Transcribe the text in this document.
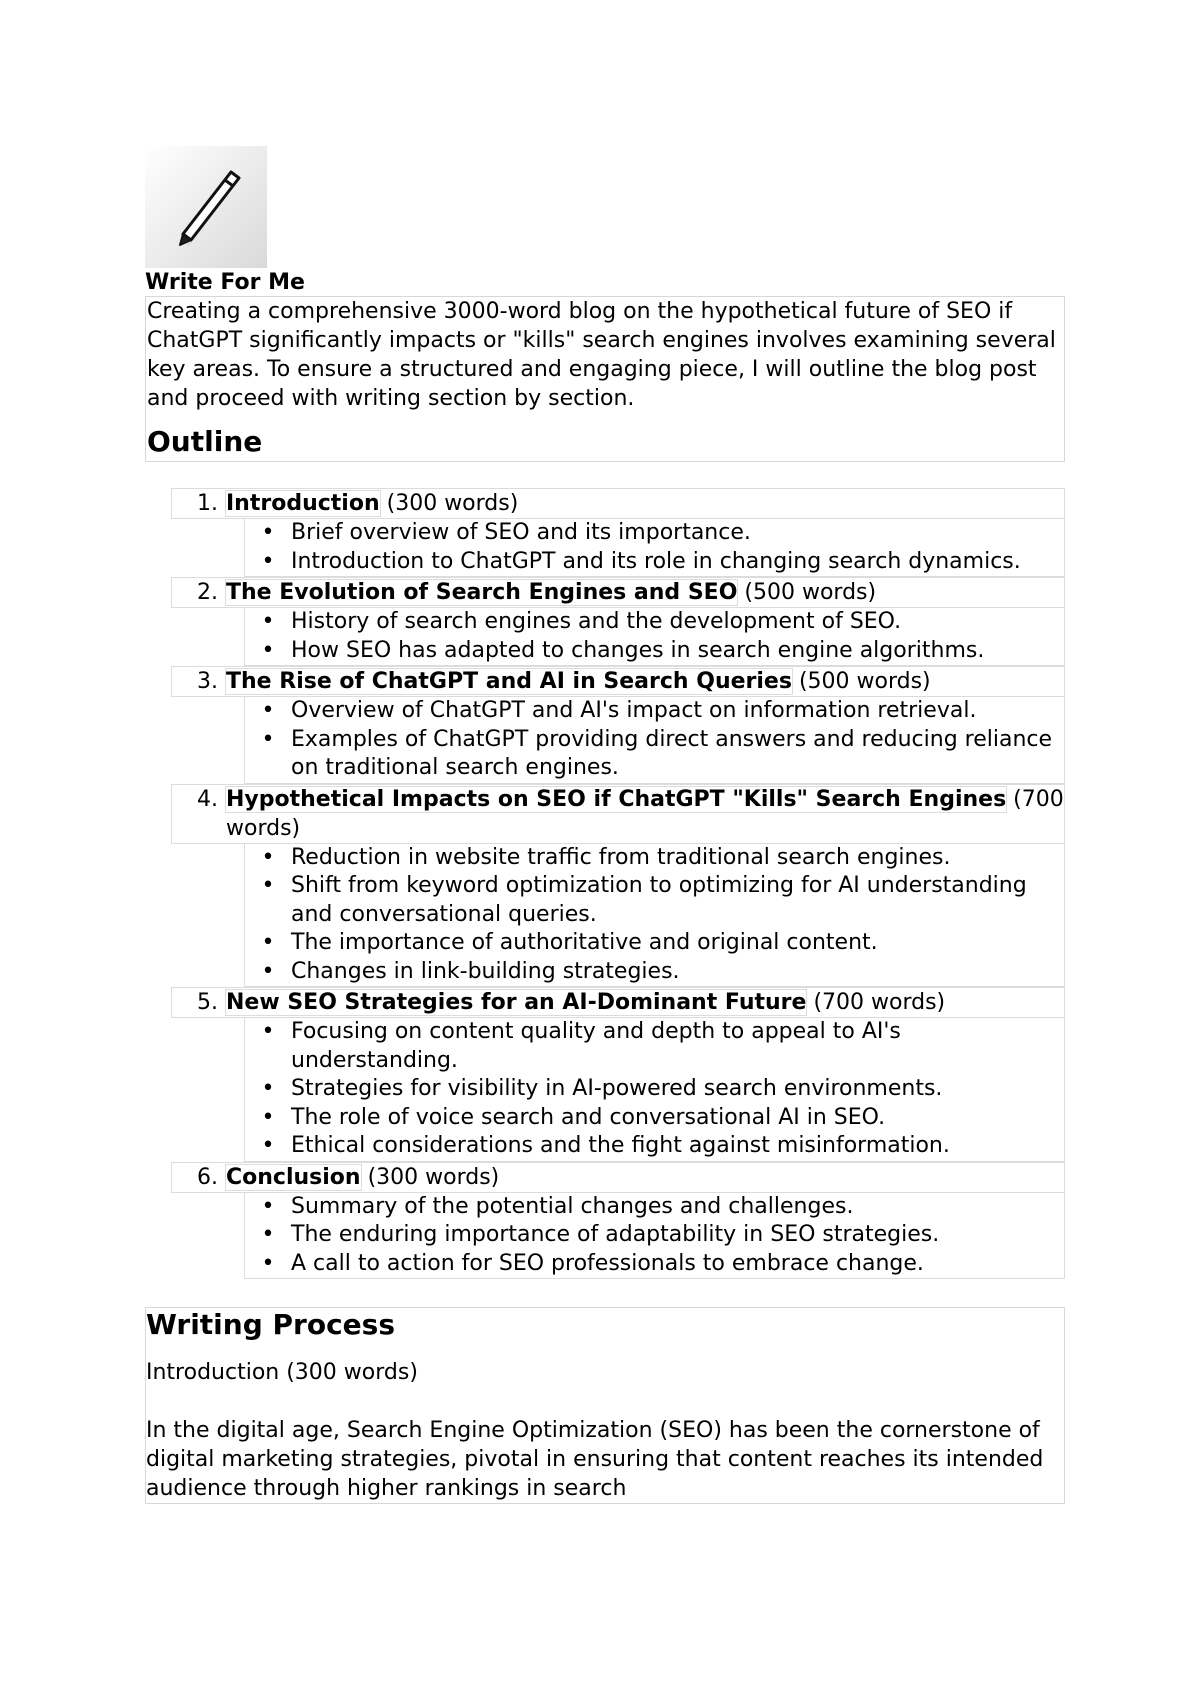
Write For Me

Creating a comprehensive 3000-word blog on the hypothetical future of SEO if ChatGPT significantly impacts or "kills" search engines involves examining several key areas. To ensure a structured and engaging piece, I will outline the blog post and proceed with writing section by section.

Outline
1. Introduction (300 words)
• Brief overview of SEO and its importance.
• Introduction to ChatGPT and its role in changing search dynamics.
2. The Evolution of Search Engines and SEO (500 words)
• History of search engines and the development of SEO.
• How SEO has adapted to changes in search engine algorithms.
3. The Rise of ChatGPT and AI in Search Queries (500 words)
• Overview of ChatGPT and AI's impact on information retrieval.
• Examples of ChatGPT providing direct answers and reducing reliance on traditional search engines.
4. Hypothetical Impacts on SEO if ChatGPT "Kills" Search Engines (700 words)
• Reduction in website traffic from traditional search engines.
• Shift from keyword optimization to optimizing for AI understanding and conversational queries.
• The importance of authoritative and original content.
• Changes in link-building strategies.
5. New SEO Strategies for an AI-Dominant Future (700 words)
• Focusing on content quality and depth to appeal to AI's understanding.
• Strategies for visibility in AI-powered search environments.
• The role of voice search and conversational AI in SEO.
• Ethical considerations and the fight against misinformation.
6. Conclusion (300 words)
• Summary of the potential changes and challenges.
• The enduring importance of adaptability in SEO strategies.
• A call to action for SEO professionals to embrace change.
Writing Process

Introduction (300 words)

In the digital age, Search Engine Optimization (SEO) has been the cornerstone of digital marketing strategies, pivotal in ensuring that content reaches its intended audience through higher rankings in search
